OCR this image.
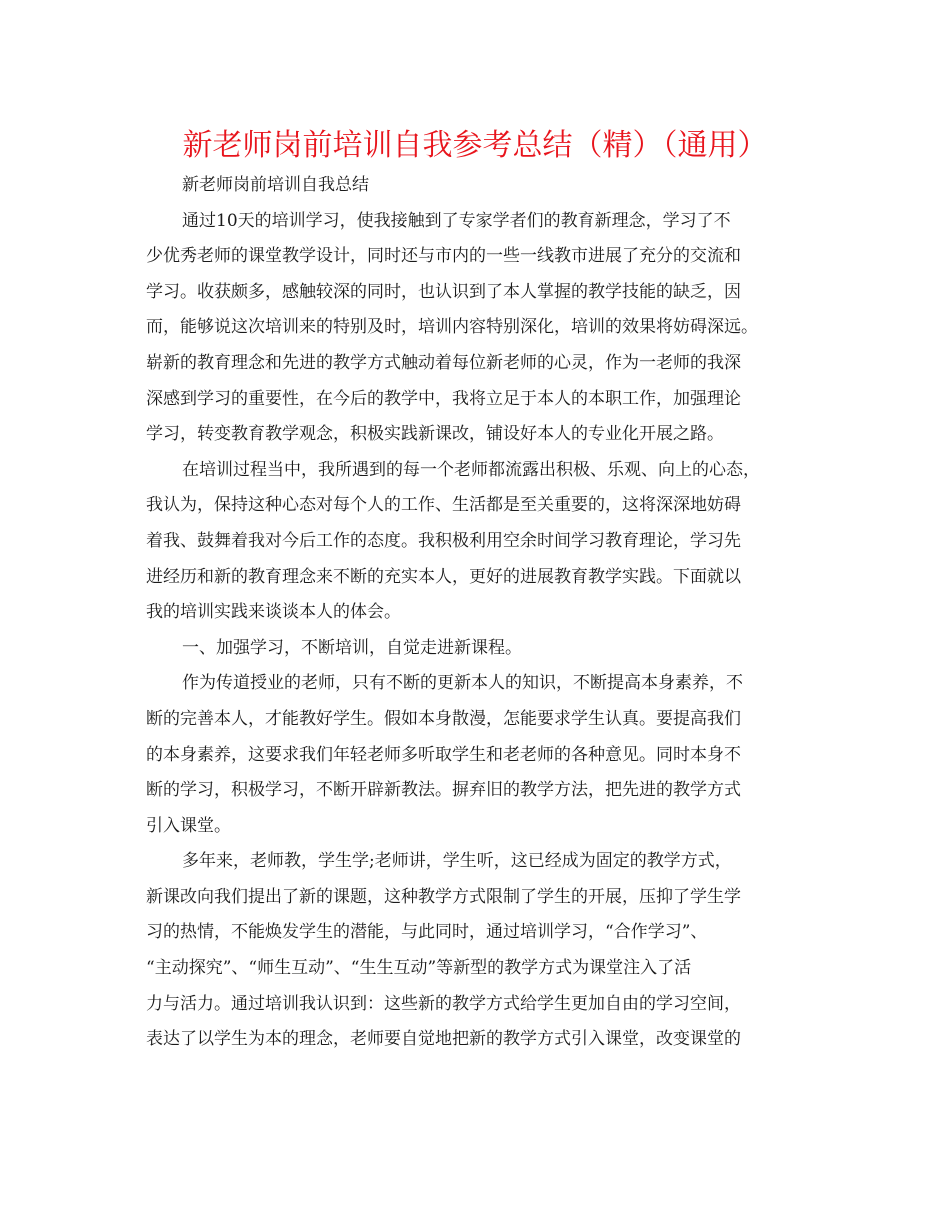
新老师岗前培训自我参考总结（精）（通用）
新老师岗前培训自我总结
通过10天的培训学习，使我接触到了专家学者们的教育新理念，学习了不
少优秀老师的课堂教学设计，同时还与市内的一些一线教市进展了充分的交流和
学习。收获颇多，感触较深的同时，也认识到了本人掌握的教学技能的缺乏，因
而，能够说这次培训来的特别及时，培训内容特别深化，培训的效果将妨碍深远。
崭新的教育理念和先进的教学方式触动着每位新老师的心灵，作为一老师的我深
深感到学习的重要性，在今后的教学中，我将立足于本人的本职工作，加强理论
学习，转变教育教学观念，积极实践新课改，铺设好本人的专业化开展之路。
在培训过程当中，我所遇到的每一个老师都流露出积极、乐观、向上的心态，
我认为，保持这种心态对每个人的工作、生活都是至关重要的，这将深深地妨碍
着我、鼓舞着我对今后工作的态度。我积极利用空余时间学习教育理论，学习先
进经历和新的教育理念来不断的充实本人，更好的进展教育教学实践。下面就以
我的培训实践来谈谈本人的体会。
一、加强学习，不断培训，自觉走进新课程。
作为传道授业的老师，只有不断的更新本人的知识，不断提高本身素养，不
断的完善本人，才能教好学生。假如本身散漫，怎能要求学生认真。要提高我们
的本身素养，这要求我们年轻老师多听取学生和老老师的各种意见。同时本身不
断的学习，积极学习，不断开辟新教法。摒弃旧的教学方法，把先进的教学方式
引入课堂。
多年来，老师教，学生学;老师讲，学生听，这已经成为固定的教学方式，
新课改向我们提出了新的课题，这种教学方式限制了学生的开展，压抑了学生学
习的热情，不能焕发学生的潜能，与此同时，通过培训学习，“合作学习”、
“主动探究”、“师生互动”、“生生互动”等新型的教学方式为课堂注入了活
力与活力。通过培训我认识到：这些新的教学方式给学生更加自由的学习空间，
表达了以学生为本的理念，老师要自觉地把新的教学方式引入课堂，改变课堂的
